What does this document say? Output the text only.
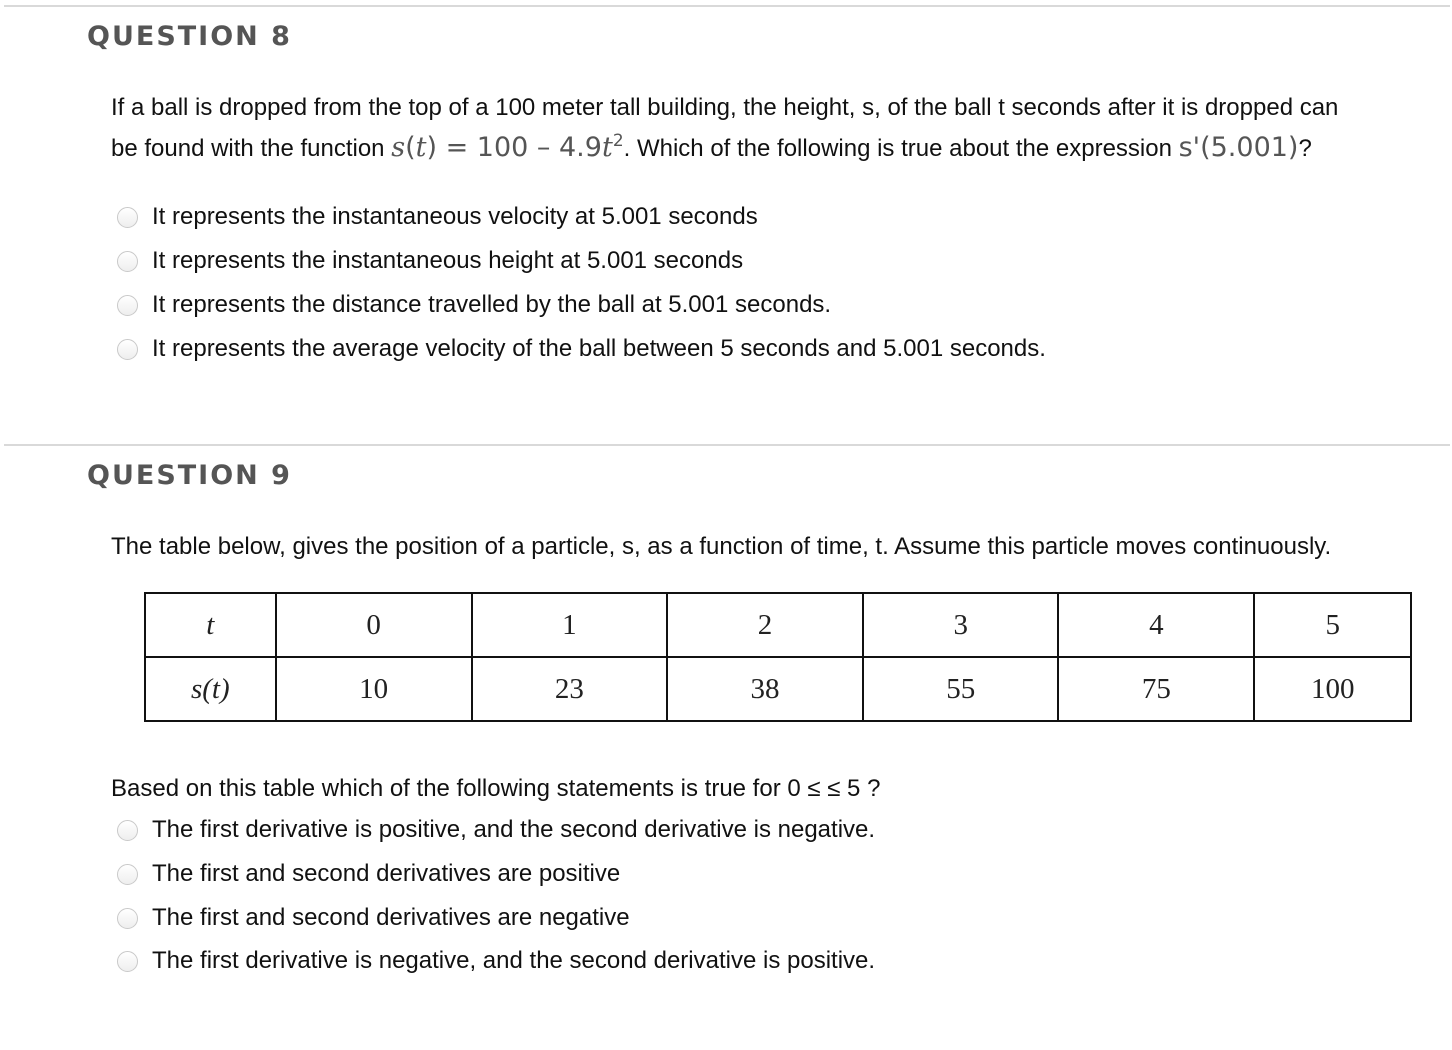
QUESTION 8
If a ball is dropped from the top of a 100 meter tall building, the height, s, of the ball t seconds after it is dropped can
be found with the function $s(t) = 100 - 4.9t^2$. Which of the following is true about the expression s'(5.001)?
It represents the instantaneous velocity at 5.001 seconds
It represents the instantaneous height at 5.001 seconds
It represents the distance travelled by the ball at 5.001 seconds.
It represents the average velocity of the ball between 5 seconds and 5.001 seconds.
QUESTION 9
The table below, gives the position of a particle, s, as a function of time, t. Assume this particle moves continuously.
t	0	1	2	3	4	5
s(t)	10	23	38	55	75	100
Based on this table which of the following statements is true for 0 ≤ ≤ 5 ?
The first derivative is positive, and the second derivative is negative.
The first and second derivatives are positive
The first and second derivatives are negative
The first derivative is negative, and the second derivative is positive.
